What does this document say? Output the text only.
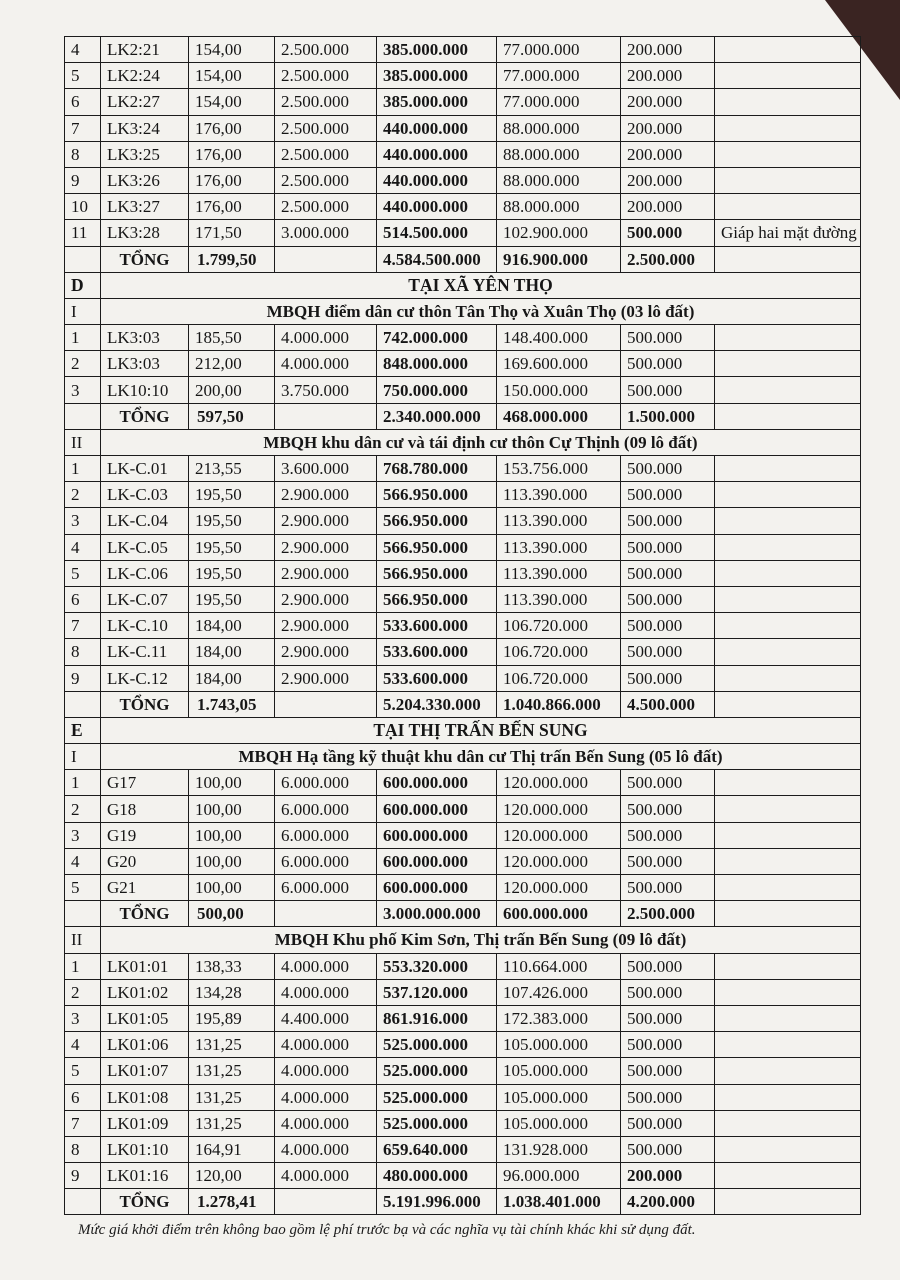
4	LK2:21	154,00	2.500.000	385.000.000	77.000.000	200.000	
5	LK2:24	154,00	2.500.000	385.000.000	77.000.000	200.000	
6	LK2:27	154,00	2.500.000	385.000.000	77.000.000	200.000	
7	LK3:24	176,00	2.500.000	440.000.000	88.000.000	200.000	
8	LK3:25	176,00	2.500.000	440.000.000	88.000.000	200.000	
9	LK3:26	176,00	2.500.000	440.000.000	88.000.000	200.000	
10	LK3:27	176,00	2.500.000	440.000.000	88.000.000	200.000	
11	LK3:28	171,50	3.000.000	514.500.000	102.900.000	500.000	Giáp hai mặt đường
	TỔNG	1.799,50		4.584.500.000	916.900.000	2.500.000	
D	TẠI XÃ YÊN THỌ						
I	MBQH điểm dân cư thôn Tân Thọ và Xuân Thọ (03 lô đất)						
1	LK3:03	185,50	4.000.000	742.000.000	148.400.000	500.000	
2	LK3:03	212,00	4.000.000	848.000.000	169.600.000	500.000	
3	LK10:10	200,00	3.750.000	750.000.000	150.000.000	500.000	
	TỔNG	597,50		2.340.000.000	468.000.000	1.500.000	
II	MBQH khu dân cư và tái định cư thôn Cự Thịnh (09 lô đất)						
1	LK-C.01	213,55	3.600.000	768.780.000	153.756.000	500.000	
2	LK-C.03	195,50	2.900.000	566.950.000	113.390.000	500.000	
3	LK-C.04	195,50	2.900.000	566.950.000	113.390.000	500.000	
4	LK-C.05	195,50	2.900.000	566.950.000	113.390.000	500.000	
5	LK-C.06	195,50	2.900.000	566.950.000	113.390.000	500.000	
6	LK-C.07	195,50	2.900.000	566.950.000	113.390.000	500.000	
7	LK-C.10	184,00	2.900.000	533.600.000	106.720.000	500.000	
8	LK-C.11	184,00	2.900.000	533.600.000	106.720.000	500.000	
9	LK-C.12	184,00	2.900.000	533.600.000	106.720.000	500.000	
	TỔNG	1.743,05		5.204.330.000	1.040.866.000	4.500.000	
E	TẠI THỊ TRẤN BẾN SUNG						
I	MBQH Hạ tầng kỹ thuật khu dân cư Thị trấn Bến Sung (05 lô đất)						
1	G17	100,00	6.000.000	600.000.000	120.000.000	500.000	
2	G18	100,00	6.000.000	600.000.000	120.000.000	500.000	
3	G19	100,00	6.000.000	600.000.000	120.000.000	500.000	
4	G20	100,00	6.000.000	600.000.000	120.000.000	500.000	
5	G21	100,00	6.000.000	600.000.000	120.000.000	500.000	
	TỔNG	500,00		3.000.000.000	600.000.000	2.500.000	
II	MBQH Khu phố Kim Sơn, Thị trấn Bến Sung (09 lô đất)						
1	LK01:01	138,33	4.000.000	553.320.000	110.664.000	500.000	
2	LK01:02	134,28	4.000.000	537.120.000	107.426.000	500.000	
3	LK01:05	195,89	4.400.000	861.916.000	172.383.000	500.000	
4	LK01:06	131,25	4.000.000	525.000.000	105.000.000	500.000	
5	LK01:07	131,25	4.000.000	525.000.000	105.000.000	500.000	
6	LK01:08	131,25	4.000.000	525.000.000	105.000.000	500.000	
7	LK01:09	131,25	4.000.000	525.000.000	105.000.000	500.000	
8	LK01:10	164,91	4.000.000	659.640.000	131.928.000	500.000	
9	LK01:16	120,00	4.000.000	480.000.000	96.000.000	200.000	
	TỔNG	1.278,41		5.191.996.000	1.038.401.000	4.200.000	
Mức giá khởi điểm trên không bao gồm lệ phí trước bạ và các nghĩa vụ tài chính khác khi sử dụng đất.
